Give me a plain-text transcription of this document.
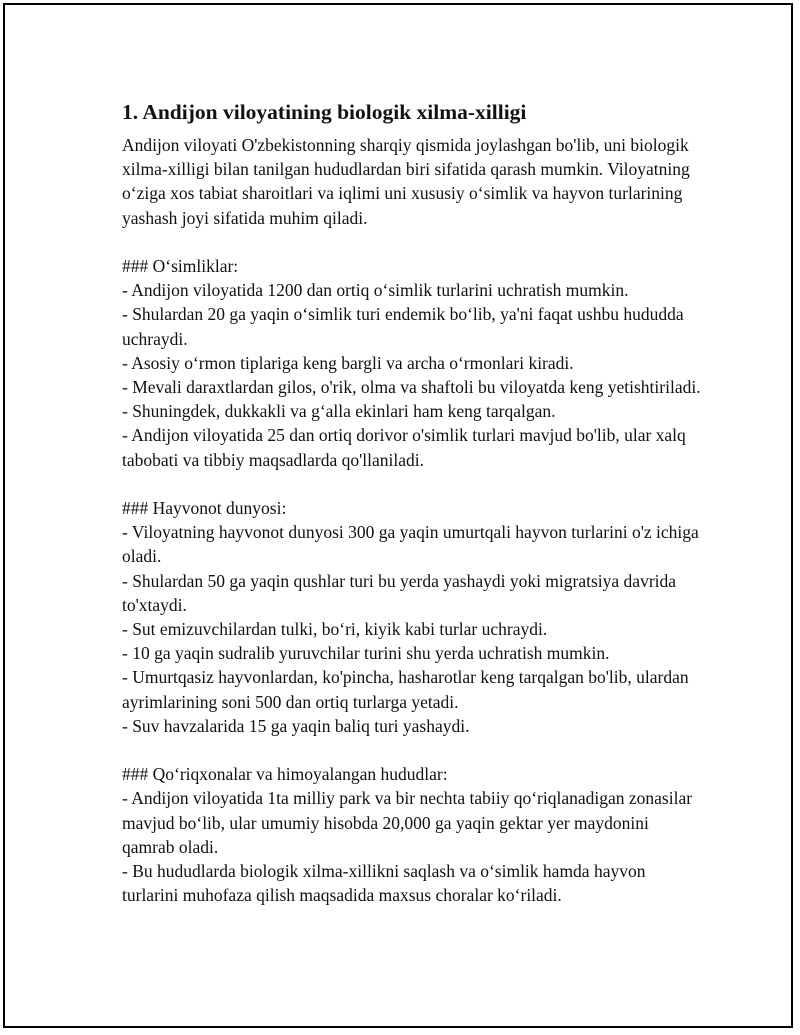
1. Andijon viloyatining biologik xilma-xilligi

Andijon viloyati O'zbekistonning sharqiy qismida joylashgan bo'lib, uni biologik xilma-xilligi bilan tanilgan hududlardan biri sifatida qarash mumkin. Viloyatning oʻziga xos tabiat sharoitlari va iqlimi uni xususiy oʻsimlik va hayvon turlarining yashash joyi sifatida muhim qiladi.

### Oʻsimliklar:

- Andijon viloyatida 1200 dan ortiq oʻsimlik turlarini uchratish mumkin.

- Shulardan 20 ga yaqin oʻsimlik turi endemik boʻlib, ya'ni faqat ushbu hududda uchraydi.

- Asosiy oʻrmon tiplariga keng bargli va archa oʻrmonlari kiradi.

- Mevali daraxtlardan gilos, o'rik, olma va shaftoli bu viloyatda keng yetishtiriladi.

- Shuningdek, dukkakli va gʻalla ekinlari ham keng tarqalgan.

- Andijon viloyatida 25 dan ortiq dorivor o'simlik turlari mavjud bo'lib, ular xalq tabobati va tibbiy maqsadlarda qo'llaniladi.

### Hayvonot dunyosi:

- Viloyatning hayvonot dunyosi 300 ga yaqin umurtqali hayvon turlarini o'z ichiga oladi.

- Shulardan 50 ga yaqin qushlar turi bu yerda yashaydi yoki migratsiya davrida to'xtaydi.

- Sut emizuvchilardan tulki, boʻri, kiyik kabi turlar uchraydi.

- 10 ga yaqin sudralib yuruvchilar turini shu yerda uchratish mumkin.

- Umurtqasiz hayvonlardan, ko'pincha, hasharotlar keng tarqalgan bo'lib, ulardan ayrimlarining soni 500 dan ortiq turlarga yetadi.

- Suv havzalarida 15 ga yaqin baliq turi yashaydi.

### Qoʻriqxonalar va himoyalangan hududlar:

- Andijon viloyatida 1ta milliy park va bir nechta tabiiy qoʻriqlanadigan zonasilar mavjud boʻlib, ular umumiy hisobda 20,000 ga yaqin gektar yer maydonini qamrab oladi.

- Bu hududlarda biologik xilma-xillikni saqlash va oʻsimlik hamda hayvon turlarini muhofaza qilish maqsadida maxsus choralar koʻriladi.
